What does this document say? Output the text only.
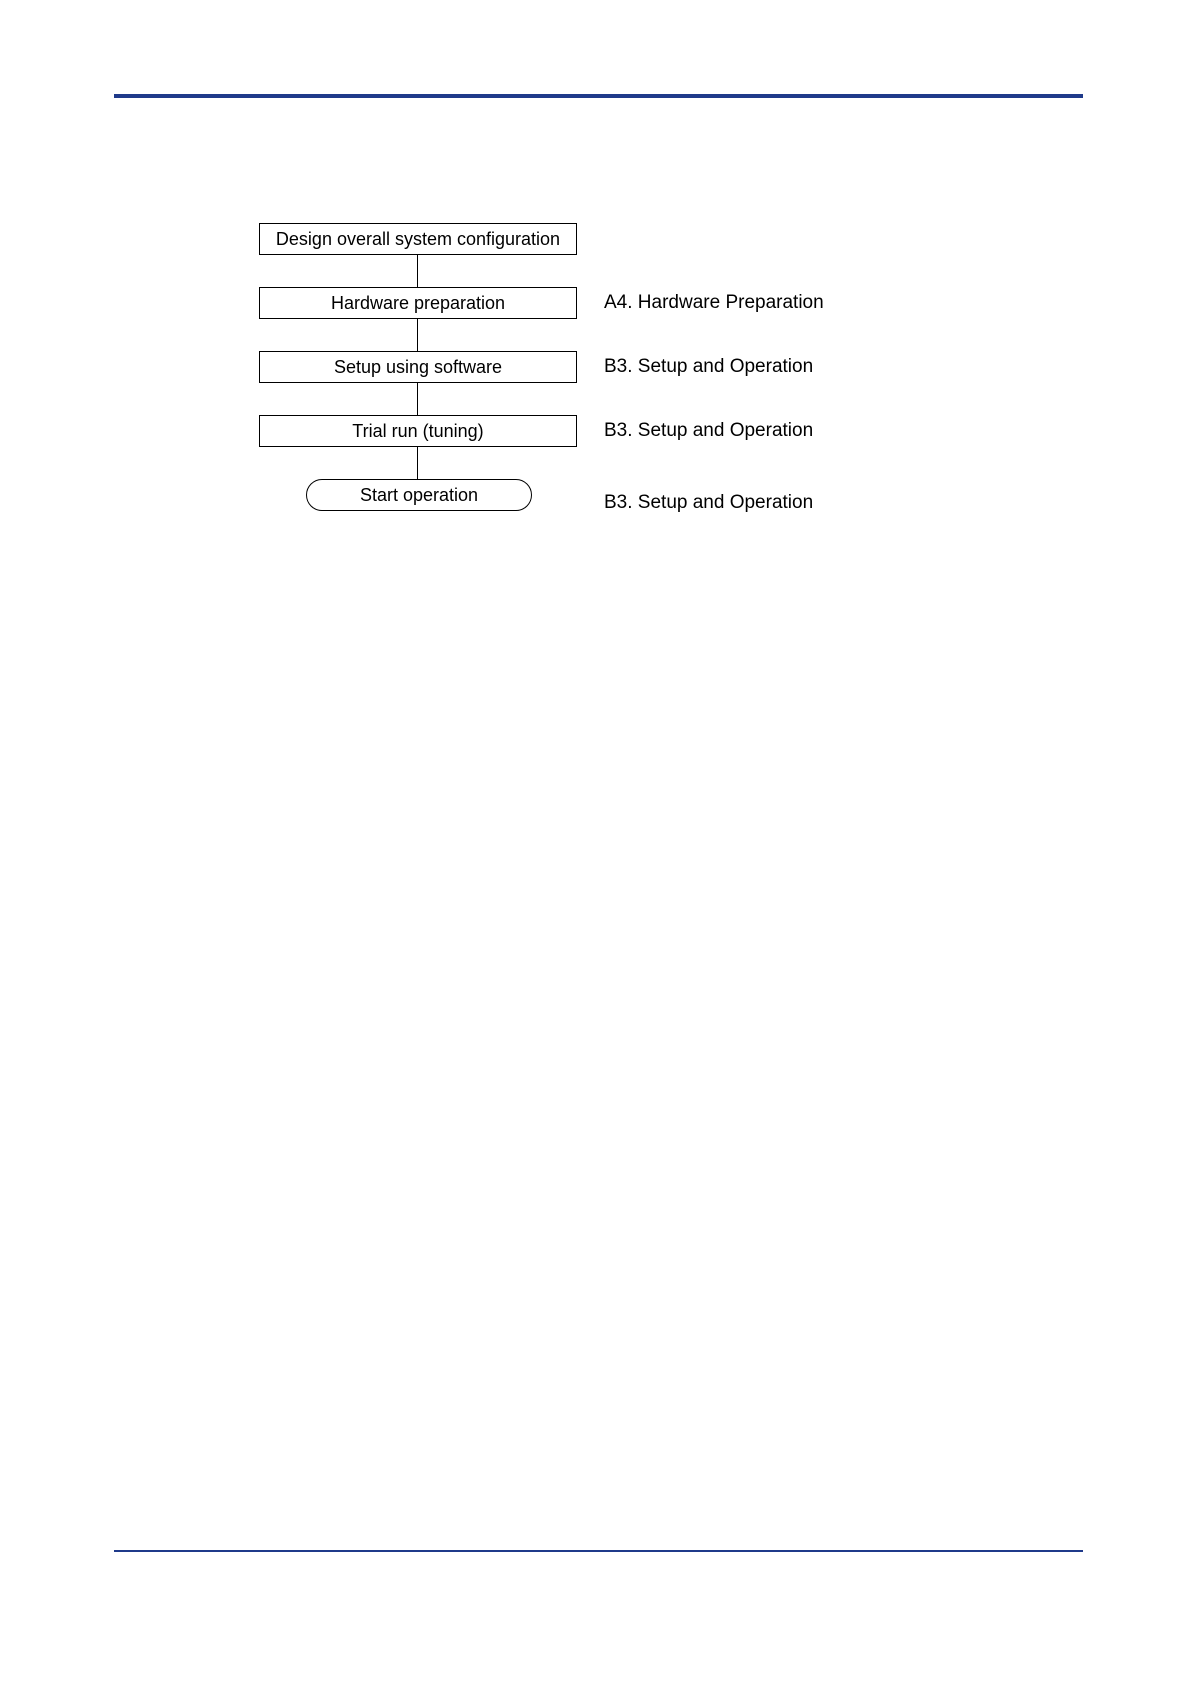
Design overall system configuration
Hardware preparation	A4. Hardware Preparation
Setup using software	B3. Setup and Operation
Trial run (tuning)	B3. Setup and Operation
Start operation	B3. Setup and Operation
